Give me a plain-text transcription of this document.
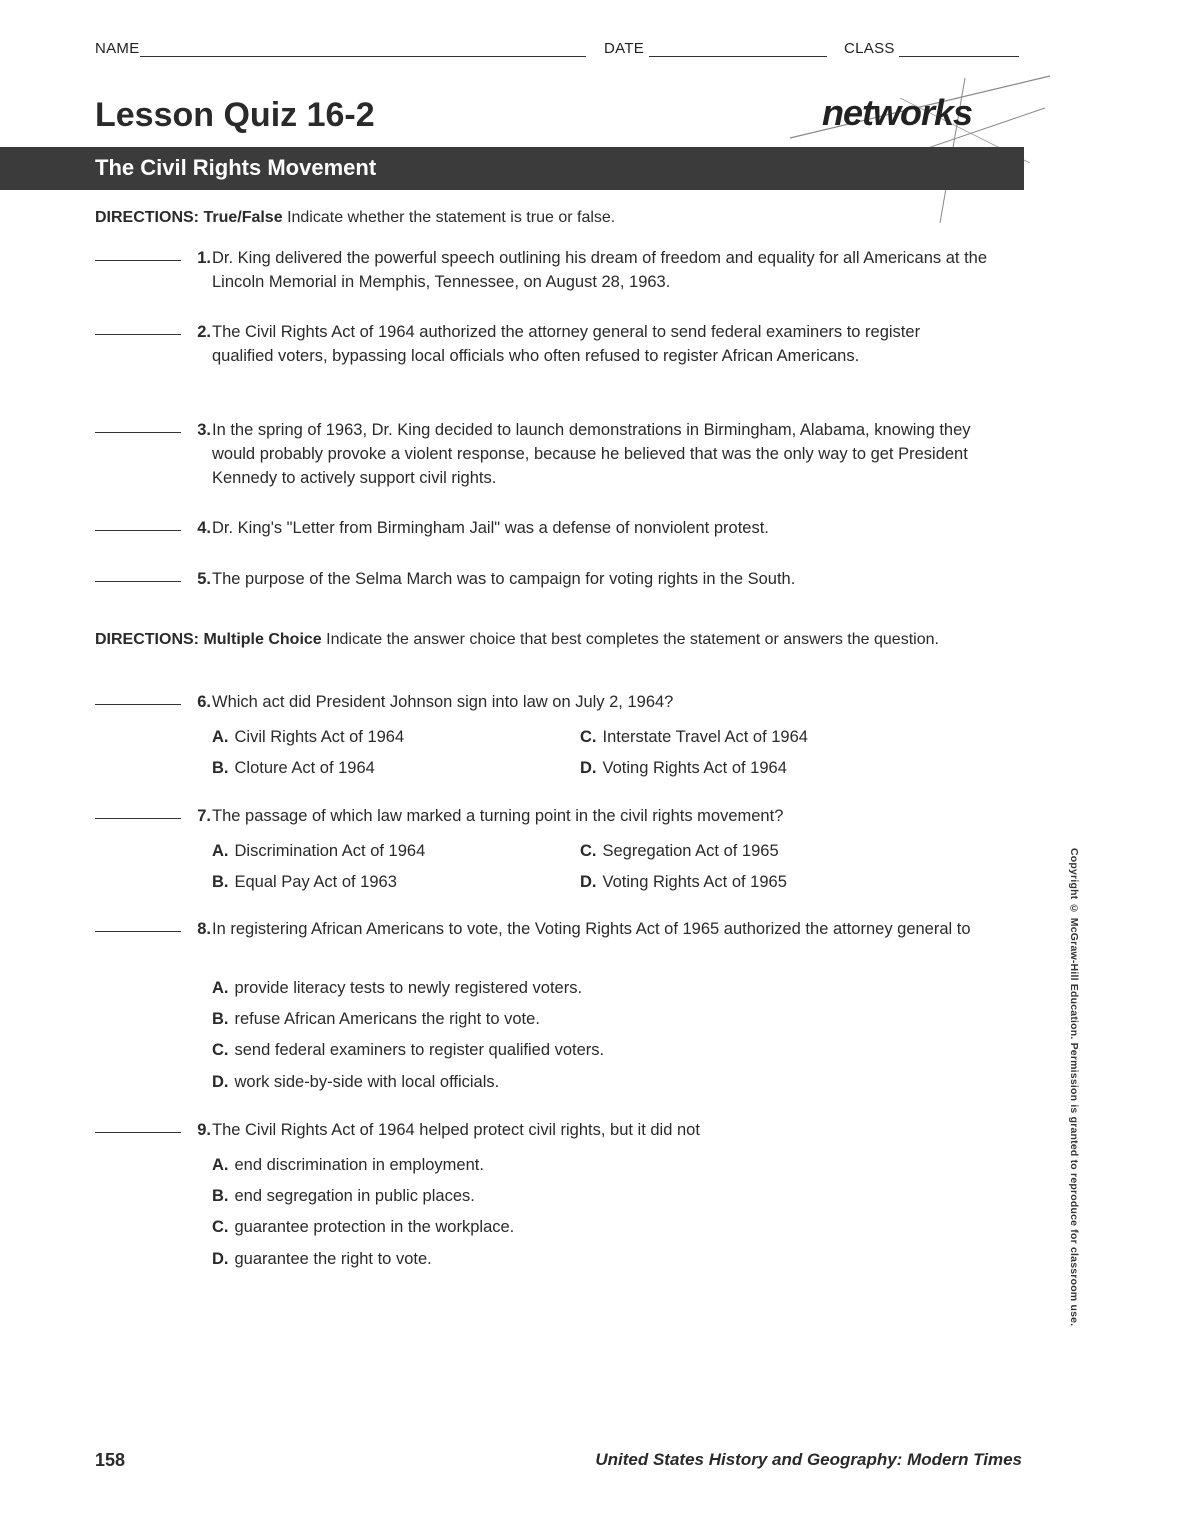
NAME	DATE	CLASS
Lesson Quiz 16-2	networks
The Civil Rights Movement
DIRECTIONS: True/False Indicate whether the statement is true or false.
1. Dr. King delivered the powerful speech outlining his dream of freedom and equality for all Americans at the Lincoln Memorial in Memphis, Tennessee, on August 28, 1963.
2. The Civil Rights Act of 1964 authorized the attorney general to send federal examiners to register qualified voters, bypassing local officials who often refused to register African Americans.
3. In the spring of 1963, Dr. King decided to launch demonstrations in Birmingham, Alabama, knowing they would probably provoke a violent response, because he believed that was the only way to get President Kennedy to actively support civil rights.
4. Dr. King's "Letter from Birmingham Jail" was a defense of nonviolent protest.
5. The purpose of the Selma March was to campaign for voting rights in the South.
DIRECTIONS: Multiple Choice Indicate the answer choice that best completes the statement or answers the question.
6. Which act did President Johnson sign into law on July 2, 1964?
A. Civil Rights Act of 1964
B. Cloture Act of 1964
C. Interstate Travel Act of 1964
D. Voting Rights Act of 1964
7. The passage of which law marked a turning point in the civil rights movement?
A. Discrimination Act of 1964
B. Equal Pay Act of 1963
C. Segregation Act of 1965
D. Voting Rights Act of 1965
8. In registering African Americans to vote, the Voting Rights Act of 1965 authorized the attorney general to
A. provide literacy tests to newly registered voters.
B. refuse African Americans the right to vote.
C. send federal examiners to register qualified voters.
D. work side-by-side with local officials.
9. The Civil Rights Act of 1964 helped protect civil rights, but it did not
A. end discrimination in employment.
B. end segregation in public places.
C. guarantee protection in the workplace.
D. guarantee the right to vote.	Copyright © McGraw-Hill Education. Permission is granted to reproduce for classroom use.
158	United States History and Geography: Modern Times
